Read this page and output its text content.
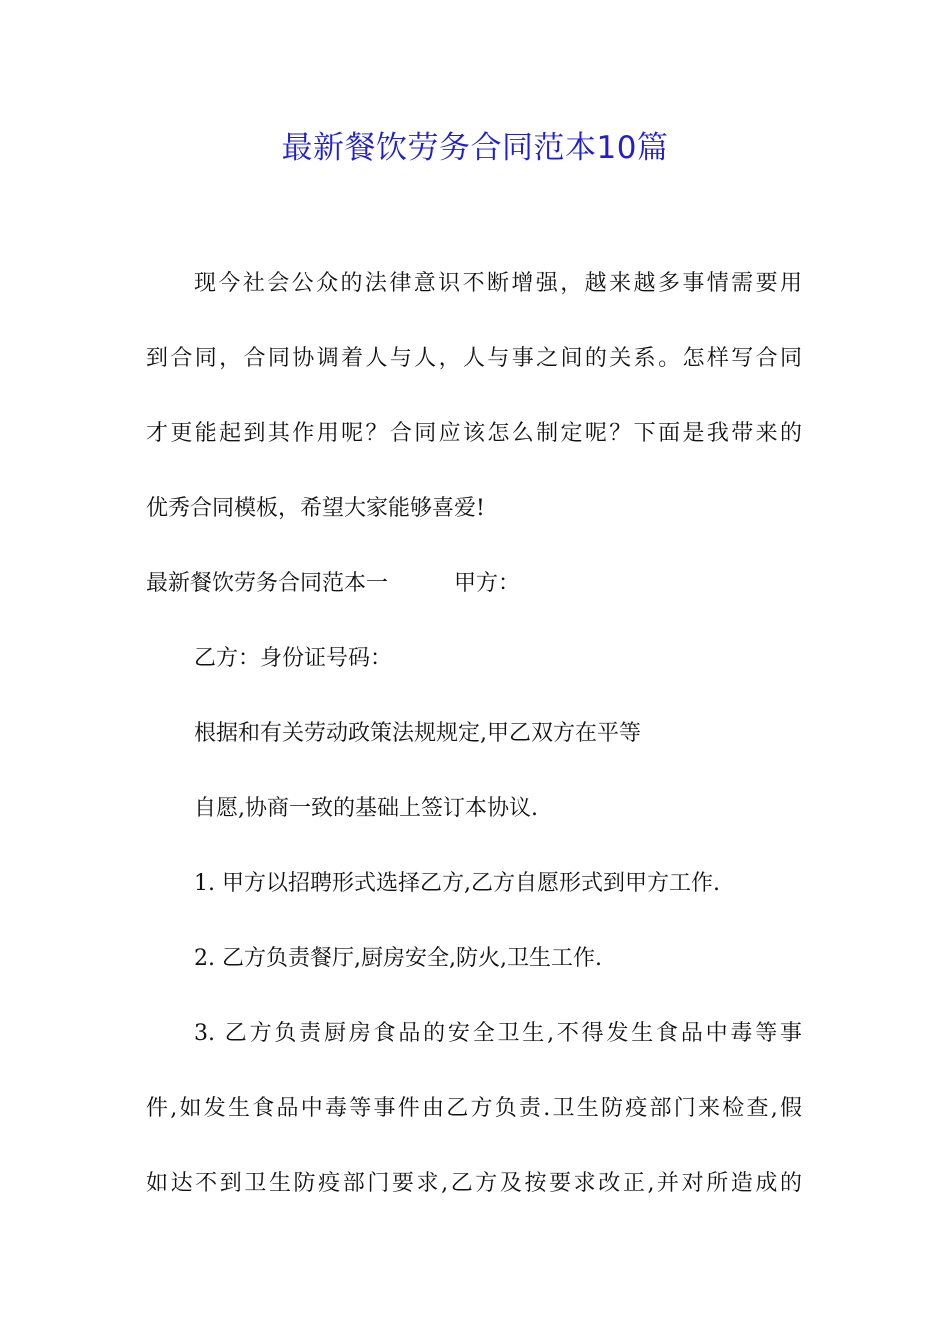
最新餐饮劳务合同范本10篇
现今社会公众的法律意识不断增强，越来越多事情需要用
到合同，合同协调着人与人，人与事之间的关系。怎样写合同
才更能起到其作用呢？合同应该怎么制定呢？下面是我带来的
优秀合同模板，希望大家能够喜爱!
最新餐饮劳务合同范本一　　　甲方：
乙方：身份证号码：
根据和有关劳动政策法规规定,甲乙双方在平等
自愿,协商一致的基础上签订本协议.
1. 甲方以招聘形式选择乙方,乙方自愿形式到甲方工作.
2. 乙方负责餐厅,厨房安全,防火,卫生工作.
3. 乙方负责厨房食品的安全卫生,不得发生食品中毒等事
件,如发生食品中毒等事件由乙方负责.卫生防疫部门来检查,假
如达不到卫生防疫部门要求,乙方及按要求改正,并对所造成的
